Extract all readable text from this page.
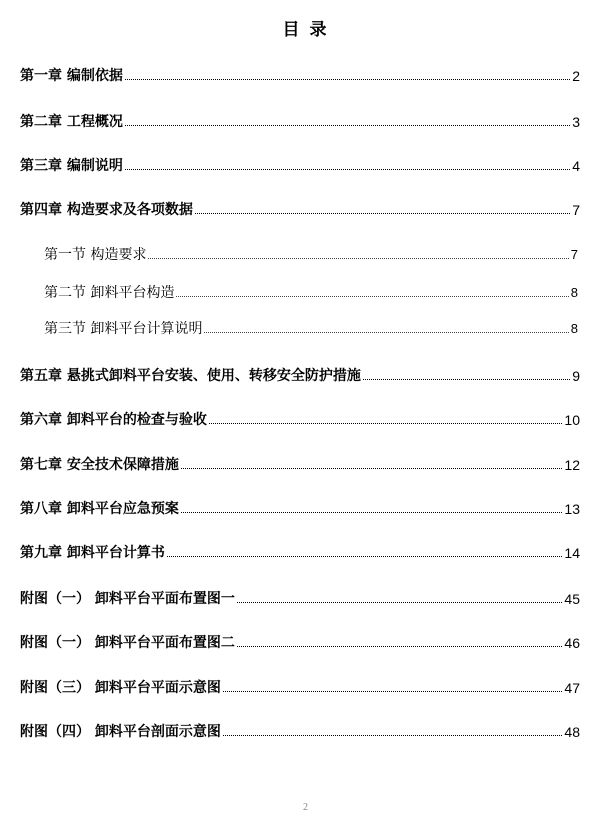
目 录
第一章 编制依据	2
第二章 工程概况	3
第三章 编制说明	4
第四章 构造要求及各项数据	7
第一节 构造要求	7
第二节 卸料平台构造	8
第三节 卸料平台计算说明	8
第五章 悬挑式卸料平台安装、使用、转移安全防护措施	9
第六章 卸料平台的检查与验收	10
第七章 安全技术保障措施	12
第八章 卸料平台应急预案	13
第九章 卸料平台计算书	14
附图（一） 卸料平台平面布置图一	45
附图（一） 卸料平台平面布置图二	46
附图（三） 卸料平台平面示意图	47
附图（四） 卸料平台剖面示意图	48
2
